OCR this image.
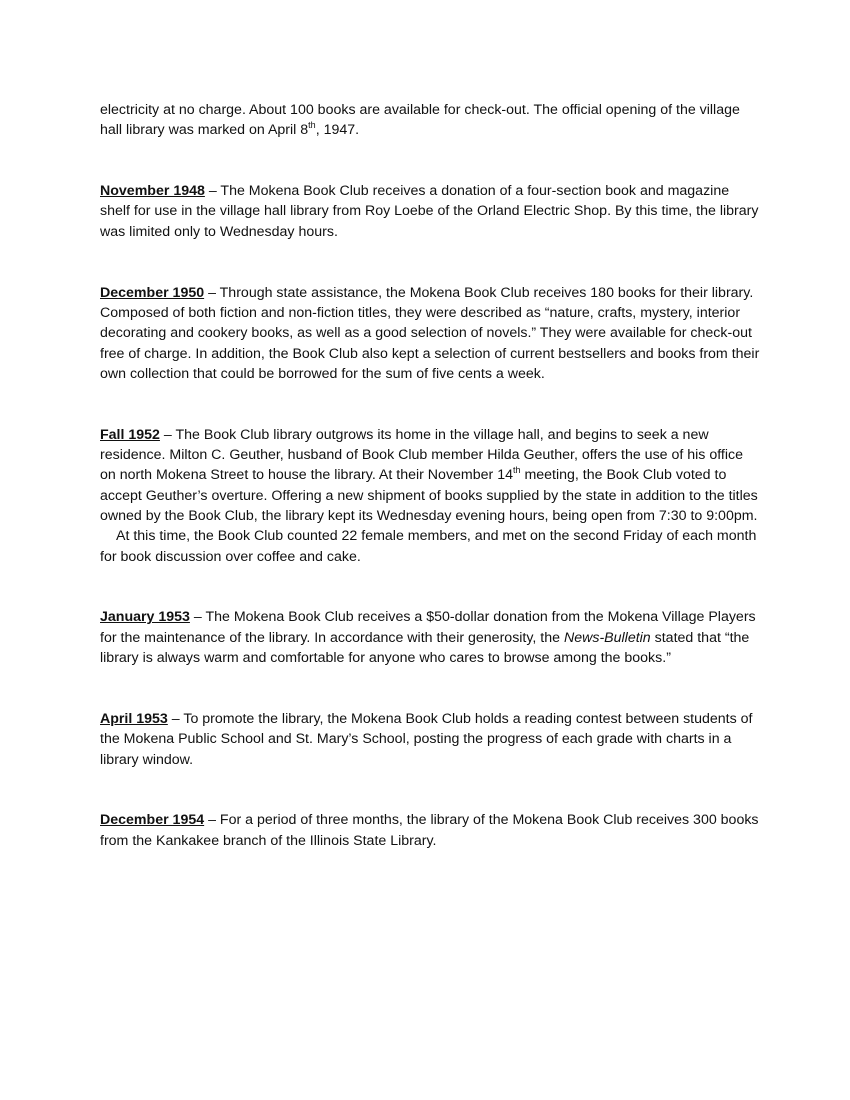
electricity at no charge. About 100 books are available for check-out. The official opening of the village hall library was marked on April 8th, 1947.

November 1948 – The Mokena Book Club receives a donation of a four-section book and magazine shelf for use in the village hall library from Roy Loebe of the Orland Electric Shop. By this time, the library was limited only to Wednesday hours.

December 1950 – Through state assistance, the Mokena Book Club receives 180 books for their library. Composed of both fiction and non-fiction titles, they were described as “nature, crafts, mystery, interior decorating and cookery books, as well as a good selection of novels.” They were available for check-out free of charge. In addition, the Book Club also kept a selection of current bestsellers and books from their own collection that could be borrowed for the sum of five cents a week.

Fall 1952 – The Book Club library outgrows its home in the village hall, and begins to seek a new residence. Milton C. Geuther, husband of Book Club member Hilda Geuther, offers the use of his office on north Mokena Street to house the library. At their November 14th meeting, the Book Club voted to accept Geuther’s overture. Offering a new shipment of books supplied by the state in addition to the titles owned by the Book Club, the library kept its Wednesday evening hours, being open from 7:30 to 9:00pm.

At this time, the Book Club counted 22 female members, and met on the second Friday of each month for book discussion over coffee and cake.

January 1953 – The Mokena Book Club receives a $50-dollar donation from the Mokena Village Players for the maintenance of the library. In accordance with their generosity, the News-Bulletin stated that “the library is always warm and comfortable for anyone who cares to browse among the books.”

April 1953 – To promote the library, the Mokena Book Club holds a reading contest between students of the Mokena Public School and St. Mary’s School, posting the progress of each grade with charts in a library window.

December 1954 – For a period of three months, the library of the Mokena Book Club receives 300 books from the Kankakee branch of the Illinois State Library.
